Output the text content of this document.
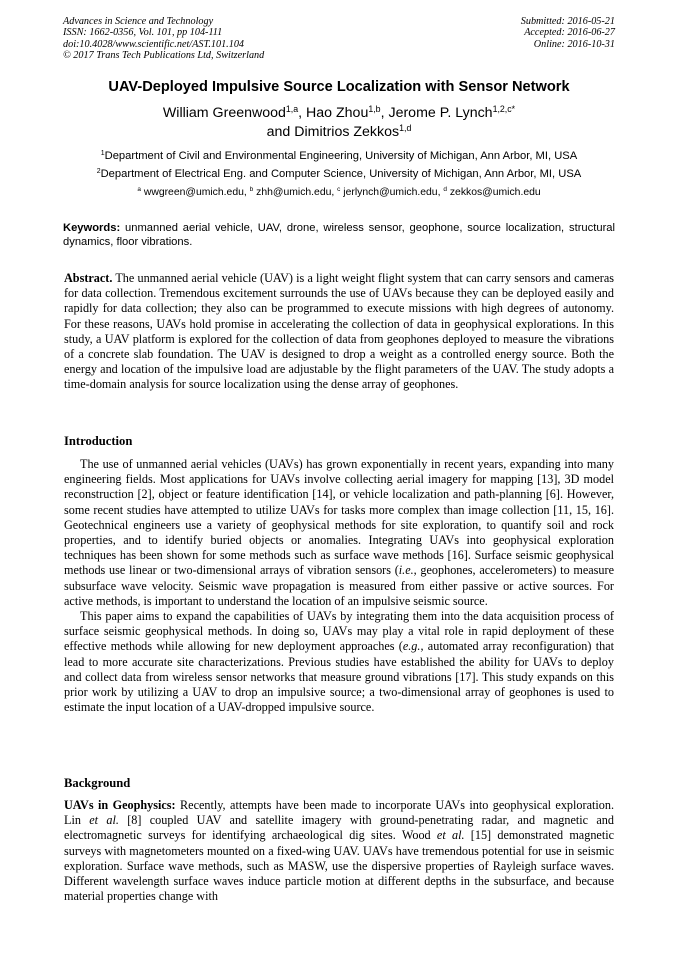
Advances in Science and Technology
ISSN: 1662-0356, Vol. 101, pp 104-111
doi:10.4028/www.scientific.net/AST.101.104
© 2017 Trans Tech Publications Ltd, Switzerland
Submitted: 2016-05-21
Accepted: 2016-06-27
Online: 2016-10-31
UAV-Deployed Impulsive Source Localization with Sensor Network
William Greenwood$^{1,a}$, Hao Zhou$^{1,b}$, Jerome P. Lynch$^{1,2,c*}$
and Dimitrios Zekkos$^{1,d}$
$^1$Department of Civil and Environmental Engineering, University of Michigan, Ann Arbor, MI, USA
$^2$Department of Electrical Eng. and Computer Science, University of Michigan, Ann Arbor, MI, USA
$^a$ wwgreen@umich.edu, $^b$ zhh@umich.edu, $^c$ jerlynch@umich.edu, $^d$ zekkos@umich.edu
Keywords: unmanned aerial vehicle, UAV, drone, wireless sensor, geophone, source localization, structural dynamics, floor vibrations.

Abstract. The unmanned aerial vehicle (UAV) is a light weight flight system that can carry sensors and cameras for data collection. Tremendous excitement surrounds the use of UAVs because they can be deployed easily and rapidly for data collection; they also can be programmed to execute missions with high degrees of autonomy. For these reasons, UAVs hold promise in accelerating the collection of data in geophysical explorations. In this study, a UAV platform is explored for the collection of data from geophones deployed to measure the vibrations of a concrete slab foundation. The UAV is designed to drop a weight as a controlled energy source. Both the energy and location of the impulsive load are adjustable by the flight parameters of the UAV. The study adopts a time-domain analysis for source localization using the dense array of geophones.

Introduction

The use of unmanned aerial vehicles (UAVs) has grown exponentially in recent years, expanding into many engineering fields. Most applications for UAVs involve collecting aerial imagery for mapping [13], 3D model reconstruction [2], object or feature identification [14], or vehicle localization and path-planning [6]. However, some recent studies have attempted to utilize UAVs for tasks more complex than image collection [11, 15, 16]. Geotechnical engineers use a variety of geophysical methods for site exploration, to quantify soil and rock properties, and to identify buried objects or anomalies. Integrating UAVs into geophysical exploration techniques has been shown for some methods such as surface wave methods [16]. Surface seismic geophysical methods use linear or two-dimensional arrays of vibration sensors (i.e., geophones, accelerometers) to measure subsurface wave velocity. Seismic wave propagation is measured from either passive or active sources. For active methods, is important to understand the location of an impulsive seismic source.

This paper aims to expand the capabilities of UAVs by integrating them into the data acquisition process of surface seismic geophysical methods. In doing so, UAVs may play a vital role in rapid deployment of these effective methods while allowing for new deployment approaches (e.g., automated array reconfiguration) that lead to more accurate site characterizations. Previous studies have established the ability for UAVs to deploy and collect data from wireless sensor networks that measure ground vibrations [17]. This study expands on this prior work by utilizing a UAV to drop an impulsive source; a two-dimensional array of geophones is used to estimate the input location of a UAV-dropped impulsive source.

Background

UAVs in Geophysics: Recently, attempts have been made to incorporate UAVs into geophysical exploration. Lin et al. [8] coupled UAV and satellite imagery with ground-penetrating radar, and magnetic and electromagnetic surveys for identifying archaeological dig sites. Wood et al. [15] demonstrated magnetic surveys with magnetometers mounted on a fixed-wing UAV. UAVs have tremendous potential for use in seismic exploration. Surface wave methods, such as MASW, use the dispersive properties of Rayleigh surface waves. Different wavelength surface waves induce particle motion at different depths in the subsurface, and because material properties change with
